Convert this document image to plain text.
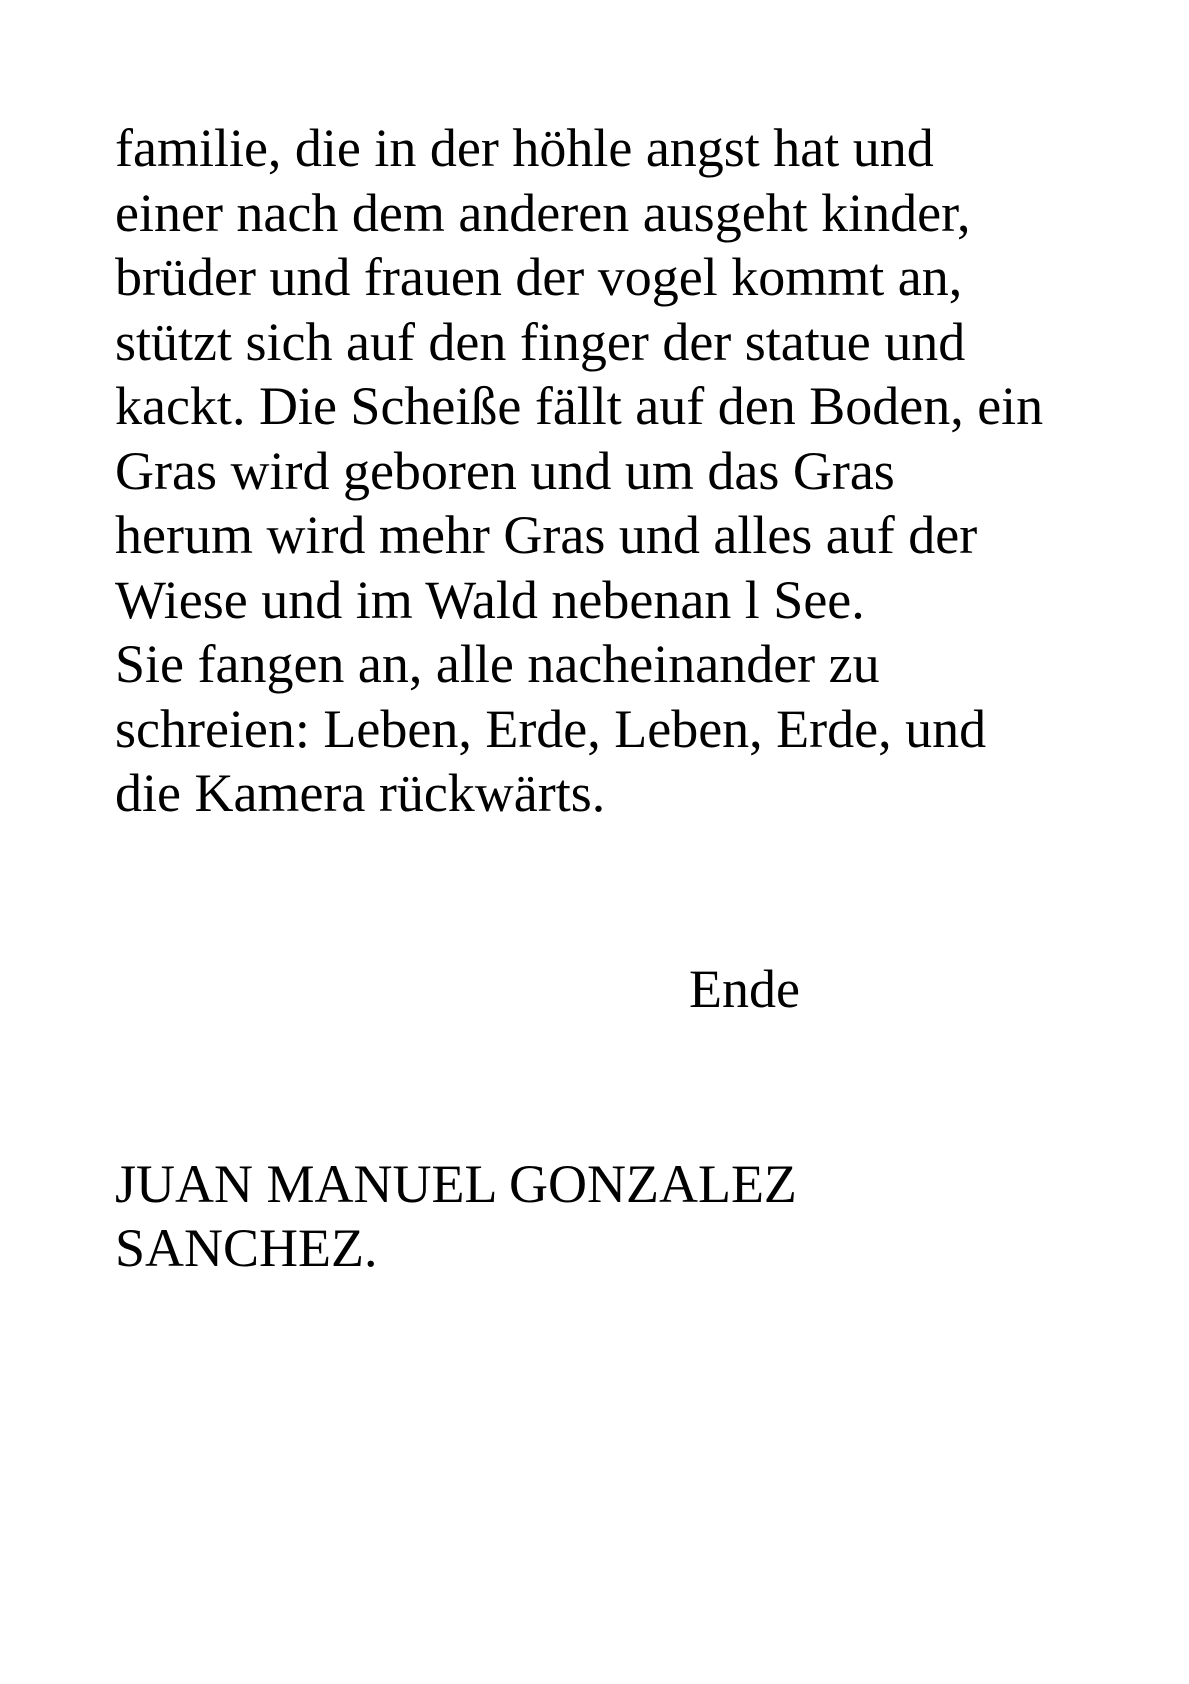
familie, die in der höhle angst hat und
einer nach dem anderen ausgeht kinder,
brüder und frauen der vogel kommt an,
stützt sich auf den finger der statue und
kackt. Die Scheiße fällt auf den Boden, ein
Gras wird geboren und um das Gras
herum wird mehr Gras und alles auf der
Wiese und im Wald nebenan l See.
Sie fangen an, alle nacheinander zu
schreien: Leben, Erde, Leben, Erde, und
die Kamera rückwärts.
Ende
JUAN MANUEL GONZALEZ
SANCHEZ.
